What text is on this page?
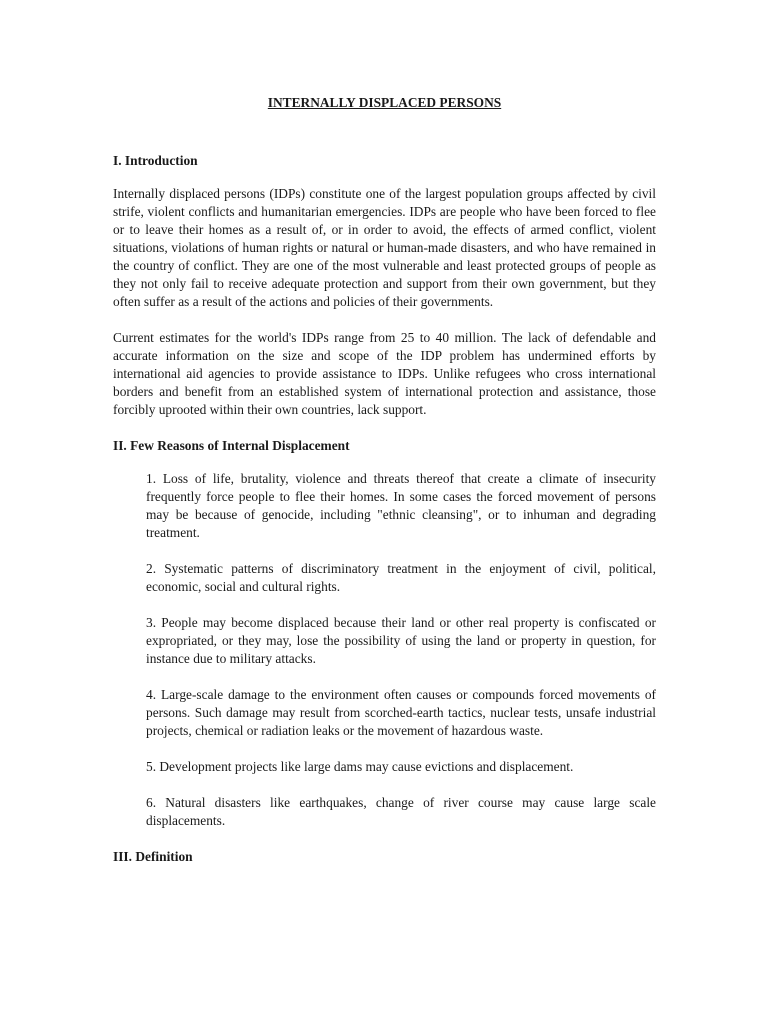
INTERNALLY DISPLACED PERSONS
I. Introduction

Internally displaced persons (IDPs) constitute one of the largest population groups affected by civil strife, violent conflicts and humanitarian emergencies. IDPs are people who have been forced to flee or to leave their homes as a result of, or in order to avoid, the effects of armed conflict, violent situations, violations of human rights or natural or human-made disasters, and who have remained in the country of conflict. They are one of the most vulnerable and least protected groups of people as they not only fail to receive adequate protection and support from their own government, but they often suffer as a result of the actions and policies of their governments.

Current estimates for the world's IDPs range from 25 to 40 million. The lack of defendable and accurate information on the size and scope of the IDP problem has undermined efforts by international aid agencies to provide assistance to IDPs. Unlike refugees who cross international borders and benefit from an established system of international protection and assistance, those forcibly uprooted within their own countries, lack support.

II. Few Reasons of Internal Displacement
1. Loss of life, brutality, violence and threats thereof that create a climate of insecurity frequently force people to flee their homes. In some cases the forced movement of persons may be because of genocide, including "ethnic cleansing", or to inhuman and degrading treatment.
2. Systematic patterns of discriminatory treatment in the enjoyment of civil, political, economic, social and cultural rights.
3. People may become displaced because their land or other real property is confiscated or expropriated, or they may, lose the possibility of using the land or property in question, for instance due to military attacks.
4. Large-scale damage to the environment often causes or compounds forced movements of persons. Such damage may result from scorched-earth tactics, nuclear tests, unsafe industrial projects, chemical or radiation leaks or the movement of hazardous waste.
5. Development projects like large dams may cause evictions and displacement.
6. Natural disasters like earthquakes, change of river course may cause large scale displacements.
III. Definition
